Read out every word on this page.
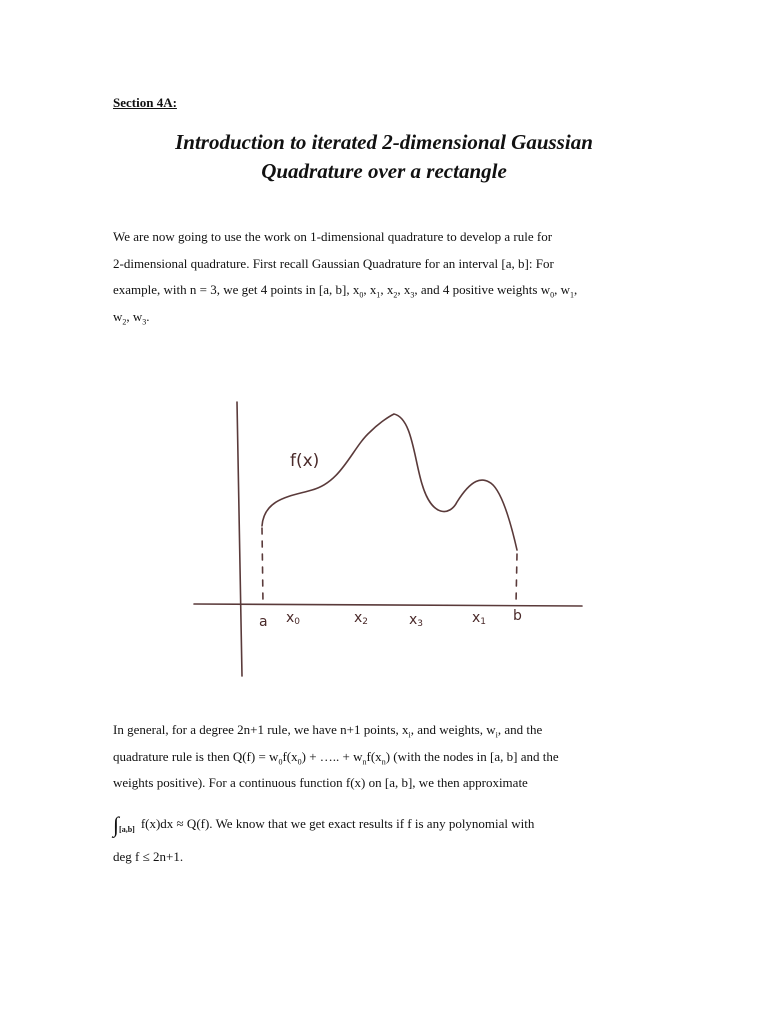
Section 4A:
Introduction to iterated 2-dimensional Gaussian
Quadrature over a rectangle
We are now going to use the work on 1-dimensional quadrature to develop a rule for
2-dimensional quadrature. First recall Gaussian Quadrature for an interval [a, b]: For
example, with n = 3, we get 4 points in [a, b], $x_0$, $x_1$, $x_2$, $x_3$, and 4 positive weights $w_0$, $w_1$,
$w_2$, $w_3$.
f(x)
a x0	x2	x3	x1 b
In general, for a degree 2n+1 rule, we have n+1 points, $x_i$, and weights, $w_i$, and the
quadrature rule is then $Q(f) = w_0f(x_0)$ + ….. + $w_nf(x_n)$ (with the nodes in [a, b] and the
weights positive). For a continuous function f(x) on [a, b], we then approximate
$\int_{[a,b]}$ f(x)dx ≈ Q(f). We know that we get exact results if f is any polynomial with
deg f ≤ 2n+1.
